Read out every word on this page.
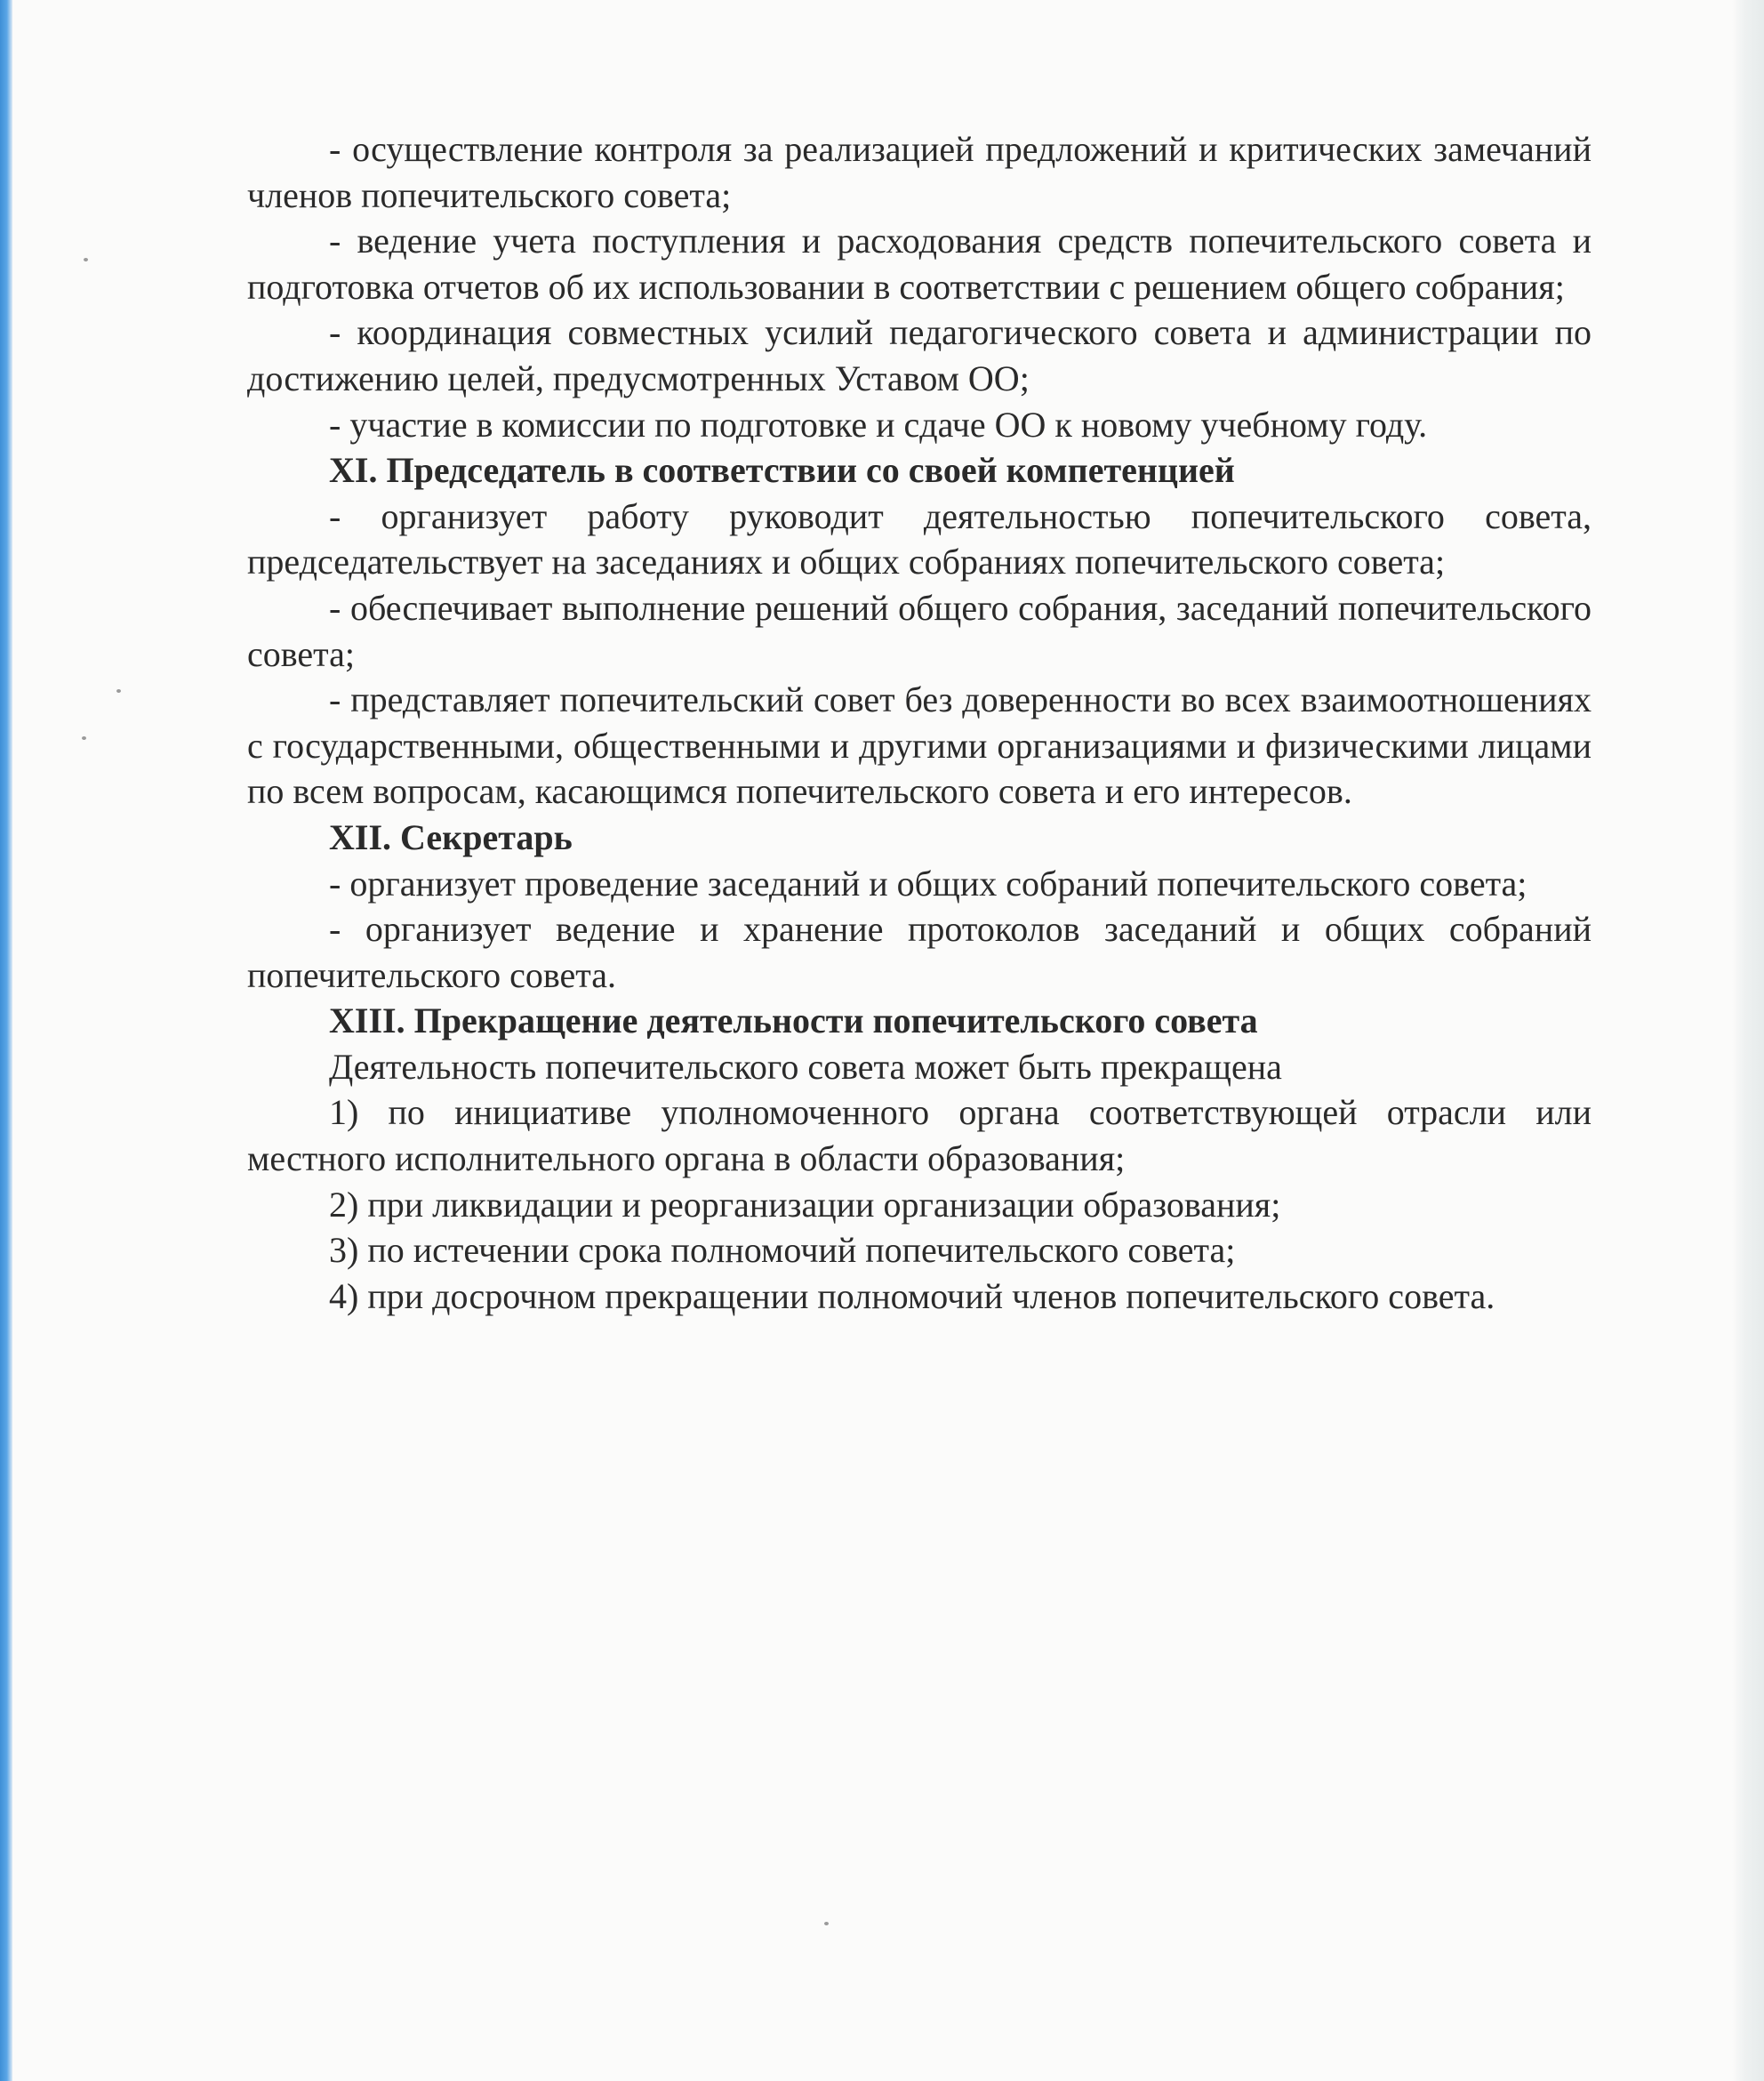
- осуществление контроля за реализацией предложений и критических замечаний членов попечительского совета;

- ведение учета поступления и расходования средств попечительского совета и подготовка отчетов об их использовании в соответствии с решением общего собрания;

- координация совместных усилий педагогического совета и администрации по достижению целей, предусмотренных Уставом ОО;

- участие в комиссии по подготовке и сдаче ОО к новому учебному году.

XI. Председатель в соответствии со своей компетенцией

- организует работу руководит деятельностью попечительского совета, председательствует на заседаниях и общих собраниях попечительского совета;

- обеспечивает выполнение решений общего собрания, заседаний попечительского совета;

- представляет попечительский совет без доверенности во всех взаимоотношениях с государственными, общественными и другими организациями и физическими лицами по всем вопросам, касающимся попечительского совета и его интересов.

XII. Секретарь

- организует проведение заседаний и общих собраний попечительского совета;

- организует ведение и хранение протоколов заседаний и общих собраний попечительского совета.

XIII. Прекращение деятельности попечительского совета

Деятельность попечительского совета может быть прекращена

1) по инициативе уполномоченного органа соответствующей отрасли или местного исполнительного органа в области образования;

2) при ликвидации и реорганизации организации образования;

3) по истечении срока полномочий попечительского совета;

4) при досрочном прекращении полномочий членов попечительского совета.
